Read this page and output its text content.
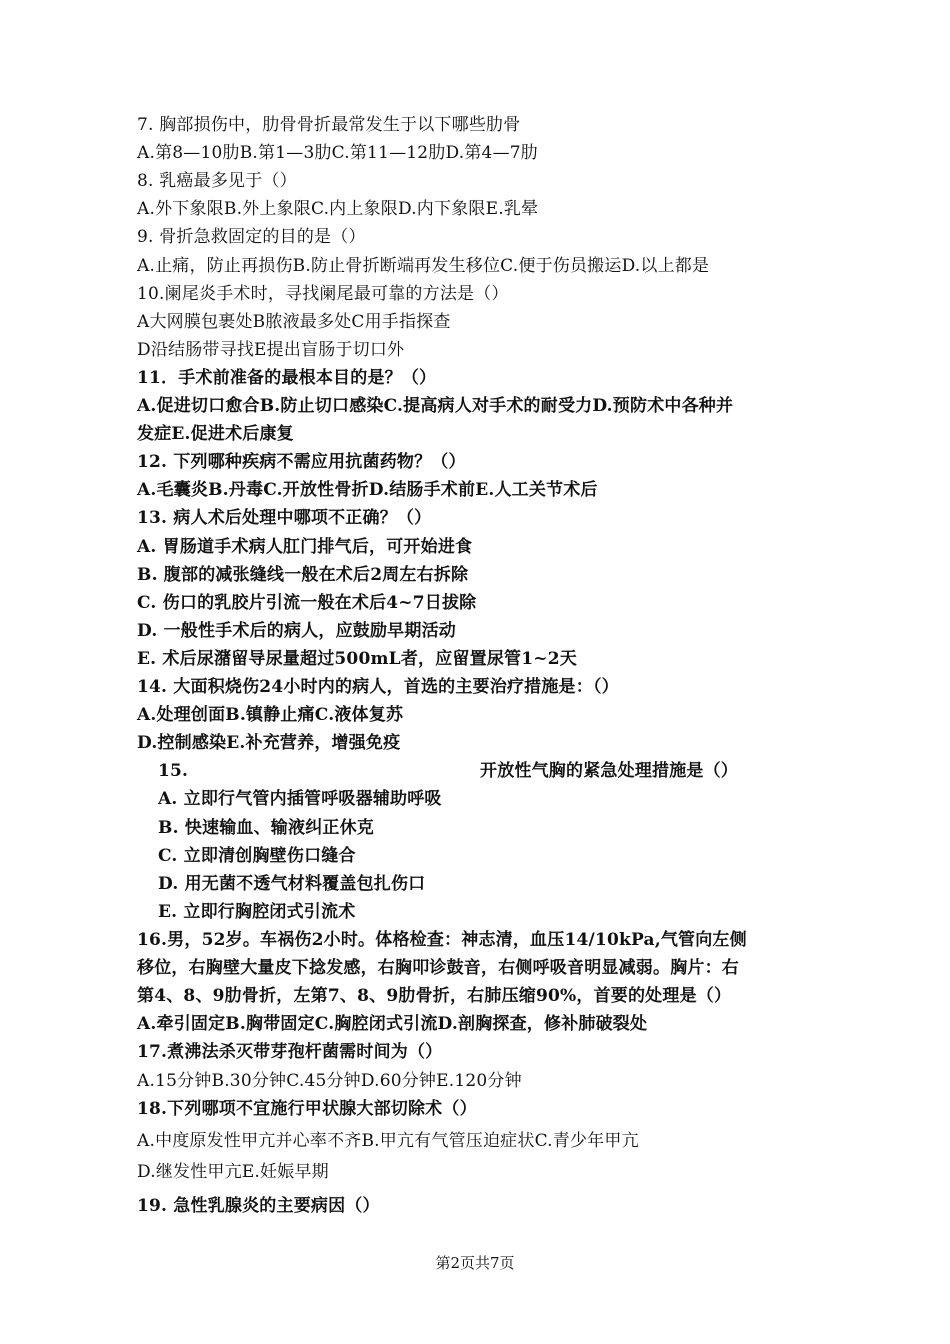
7. 胸部损伤中，肋骨骨折最常发生于以下哪些肋骨
A.第8—10肋B.第1—3肋C.第11—12肋D.第4—7肋
8. 乳癌最多见于（）
A.外下象限B.外上象限C.内上象限D.内下象限E.乳晕
9. 骨折急救固定的目的是（）
A.止痛，防止再损伤B.防止骨折断端再发生移位C.便于伤员搬运D.以上都是
10.阑尾炎手术时，寻找阑尾最可靠的方法是（）
A大网膜包裹处B脓液最多处C用手指探查
D沿结肠带寻找E提出盲肠于切口外
11．手术前准备的最根本目的是？（）
A.促进切口愈合B.防止切口感染C.提高病人对手术的耐受力D.预防术中各种并
发症E.促进术后康复
12. 下列哪种疾病不需应用抗菌药物？（）
A.毛囊炎B.丹毒C.开放性骨折D.结肠手术前E.人工关节术后
13. 病人术后处理中哪项不正确？（）
A. 胃肠道手术病人肛门排气后，可开始进食
B. 腹部的减张缝线一般在术后2周左右拆除
C. 伤口的乳胶片引流一般在术后4~7日拔除
D. 一般性手术后的病人，应鼓励早期活动
E. 术后尿潴留导尿量超过500mL者，应留置尿管1~2天
14. 大面积烧伤24小时内的病人，首选的主要治疗措施是：（）
A.处理创面B.镇静止痛C.液体复苏
D.控制感染E.补充营养，增强免疫
15.	开放性气胸的紧急处理措施是（）
A. 立即行气管内插管呼吸器辅助呼吸
B. 快速输血、输液纠正休克
C. 立即清创胸壁伤口缝合
D. 用无菌不透气材料覆盖包扎伤口
E. 立即行胸腔闭式引流术
16.男，52岁。车祸伤2小时。体格检查：神志清，血压14/10kPa,气管向左侧
移位，右胸壁大量皮下捻发感，右胸叩诊鼓音，右侧呼吸音明显减弱。胸片：右
第4、8、9肋骨折，左第7、8、9肋骨折，右肺压缩90%，首要的处理是（）
A.牵引固定B.胸带固定C.胸腔闭式引流D.剖胸探查，修补肺破裂处
17.煮沸法杀灭带芽孢杆菌需时间为（）
A.15分钟B.30分钟C.45分钟D.60分钟E.120分钟
18.下列哪项不宜施行甲状腺大部切除术（）
A.中度原发性甲亢并心率不齐B.甲亢有气管压迫症状C.青少年甲亢
D.继发性甲亢E.妊娠早期
19. 急性乳腺炎的主要病因（）
第2页共7页
